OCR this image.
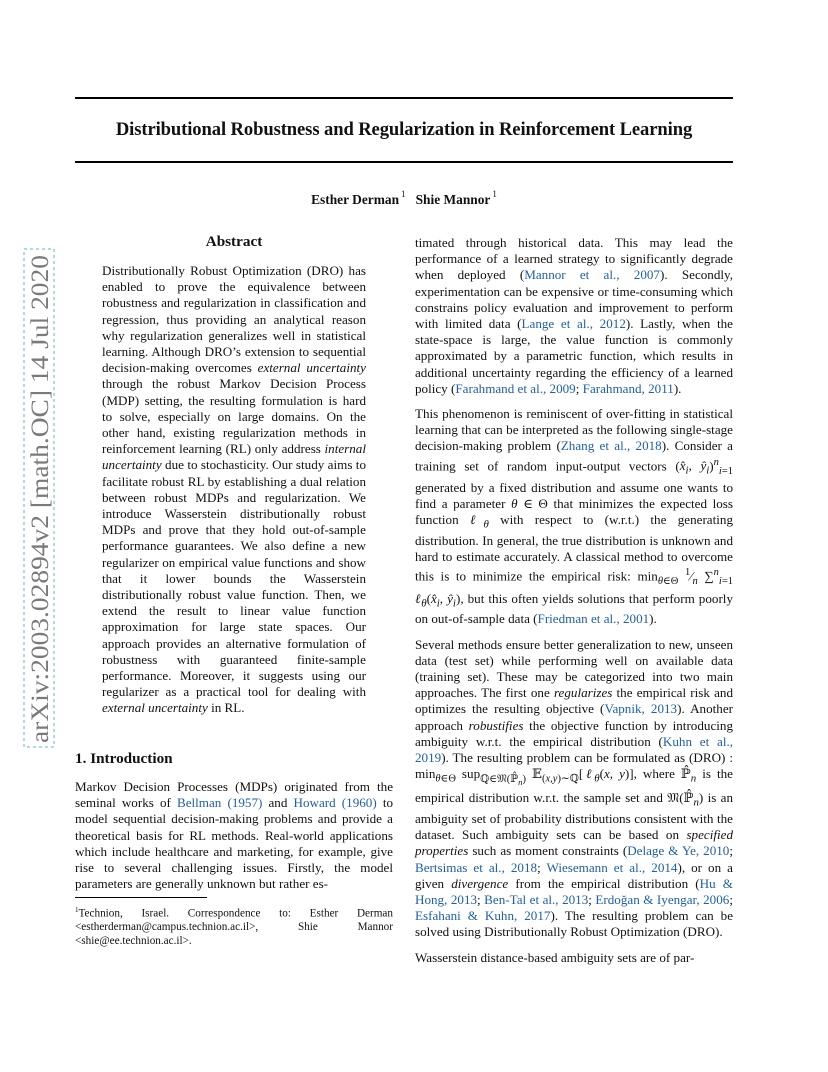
Distributional Robustness and Regularization in Reinforcement Learning
Esther Derman $^1$ Shie Mannor $^1$
arXiv:2003.02894v2 [math.OC] 14 Jul 2020
Abstract
Distributionally Robust Optimization (DRO) has enabled to prove the equivalence between robustness and regularization in classification and regression, thus providing an analytical reason why regularization generalizes well in statistical learning. Although DRO’s extension to sequential decision-making overcomes external uncertainty through the robust Markov Decision Process (MDP) setting, the resulting formulation is hard to solve, especially on large domains. On the other hand, existing regularization methods in reinforcement learning (RL) only address internal uncertainty due to stochasticity. Our study aims to facilitate robust RL by establishing a dual relation between robust MDPs and regularization. We introduce Wasserstein distributionally robust MDPs and prove that they hold out-of-sample performance guarantees. We also define a new regularizer on empirical value functions and show that it lower bounds the Wasserstein distributionally robust value function. Then, we extend the result to linear value function approximation for large state spaces. Our approach provides an alternative formulation of robustness with guaranteed finite-sample performance. Moreover, it suggests using our regularizer as a practical tool for dealing with external uncertainty in RL.
1. Introduction
Markov Decision Processes (MDPs) originated from the seminal works of Bellman (1957) and Howard (1960) to model sequential decision-making problems and provide a theoretical basis for RL methods. Real-world applications which include healthcare and marketing, for example, give rise to several challenging issues. Firstly, the model parameters are generally unknown but rather es-
$^1$Technion, Israel. Correspondence to: Esther Derman <estherderman@campus.technion.ac.il>, Shie Mannor <shie@ee.technion.ac.il>.

timated through historical data. This may lead the performance of a learned strategy to significantly degrade when deployed (Mannor et al., 2007). Secondly, experimentation can be expensive or time-consuming which constrains policy evaluation and improvement to perform with limited data (Lange et al., 2012). Lastly, when the state-space is large, the value function is commonly approximated by a parametric function, which results in additional uncertainty regarding the efficiency of a learned policy (Farahmand et al., 2009; Farahmand, 2011).

This phenomenon is reminiscent of over-fitting in statistical learning that can be interpreted as the following single-stage decision-making problem (Zhang et al., 2018). Consider a training set of random input-output vectors ($x̂_i$, $ŷ_i)^n_{i=1}$ generated by a fixed distribution and assume one wants to find a parameter θ ∈ Θ that minimizes the expected loss function ℓ$_\theta$ with respect to (w.r.t.) the generating distribution. In general, the true distribution is unknown and hard to estimate accurately. A classical method to overcome this is to minimize the empirical risk: $\min_{\theta\in\Theta}$ $^1⁄_n$ ∑$^n_{i=1}$ $\ell_\theta(x̂_i$, $ŷ_i$), but this often yields solutions that perform poorly on out-of-sample data (Friedman et al., 2001).

Several methods ensure better generalization to new, unseen data (test set) while performing well on available data (training set). These may be categorized into two main approaches. The first one regularizes the empirical risk and optimizes the resulting objective (Vapnik, 2013). Another approach robustifies the objective function by introducing ambiguity w.r.t. the empirical distribution (Kuhn et al., 2019). The resulting problem can be formulated as (DRO) : $\min_{\theta\in\Theta} sup_{ℚ\in 𝔐(ℙ̂_n)}$ 𝔼$_{(x,y)\sim ℚ}$[ℓ$_\theta$(x, y)], where $ℙ̂_n$ is the empirical distribution w.r.t. the sample set and $𝔐(ℙ̂_n)$ is an ambiguity set of probability distributions consistent with the dataset. Such ambiguity sets can be based on specified properties such as moment constraints (Delage & Ye, 2010; Bertsimas et al., 2018; Wiesemann et al., 2014), or on a given divergence from the empirical distribution (Hu & Hong, 2013; Ben-Tal et al., 2013; Erdoğan & Iyengar, 2006; Esfahani & Kuhn, 2017). The resulting problem can be solved using Distributionally Robust Optimization (DRO).

Wasserstein distance-based ambiguity sets are of par-
